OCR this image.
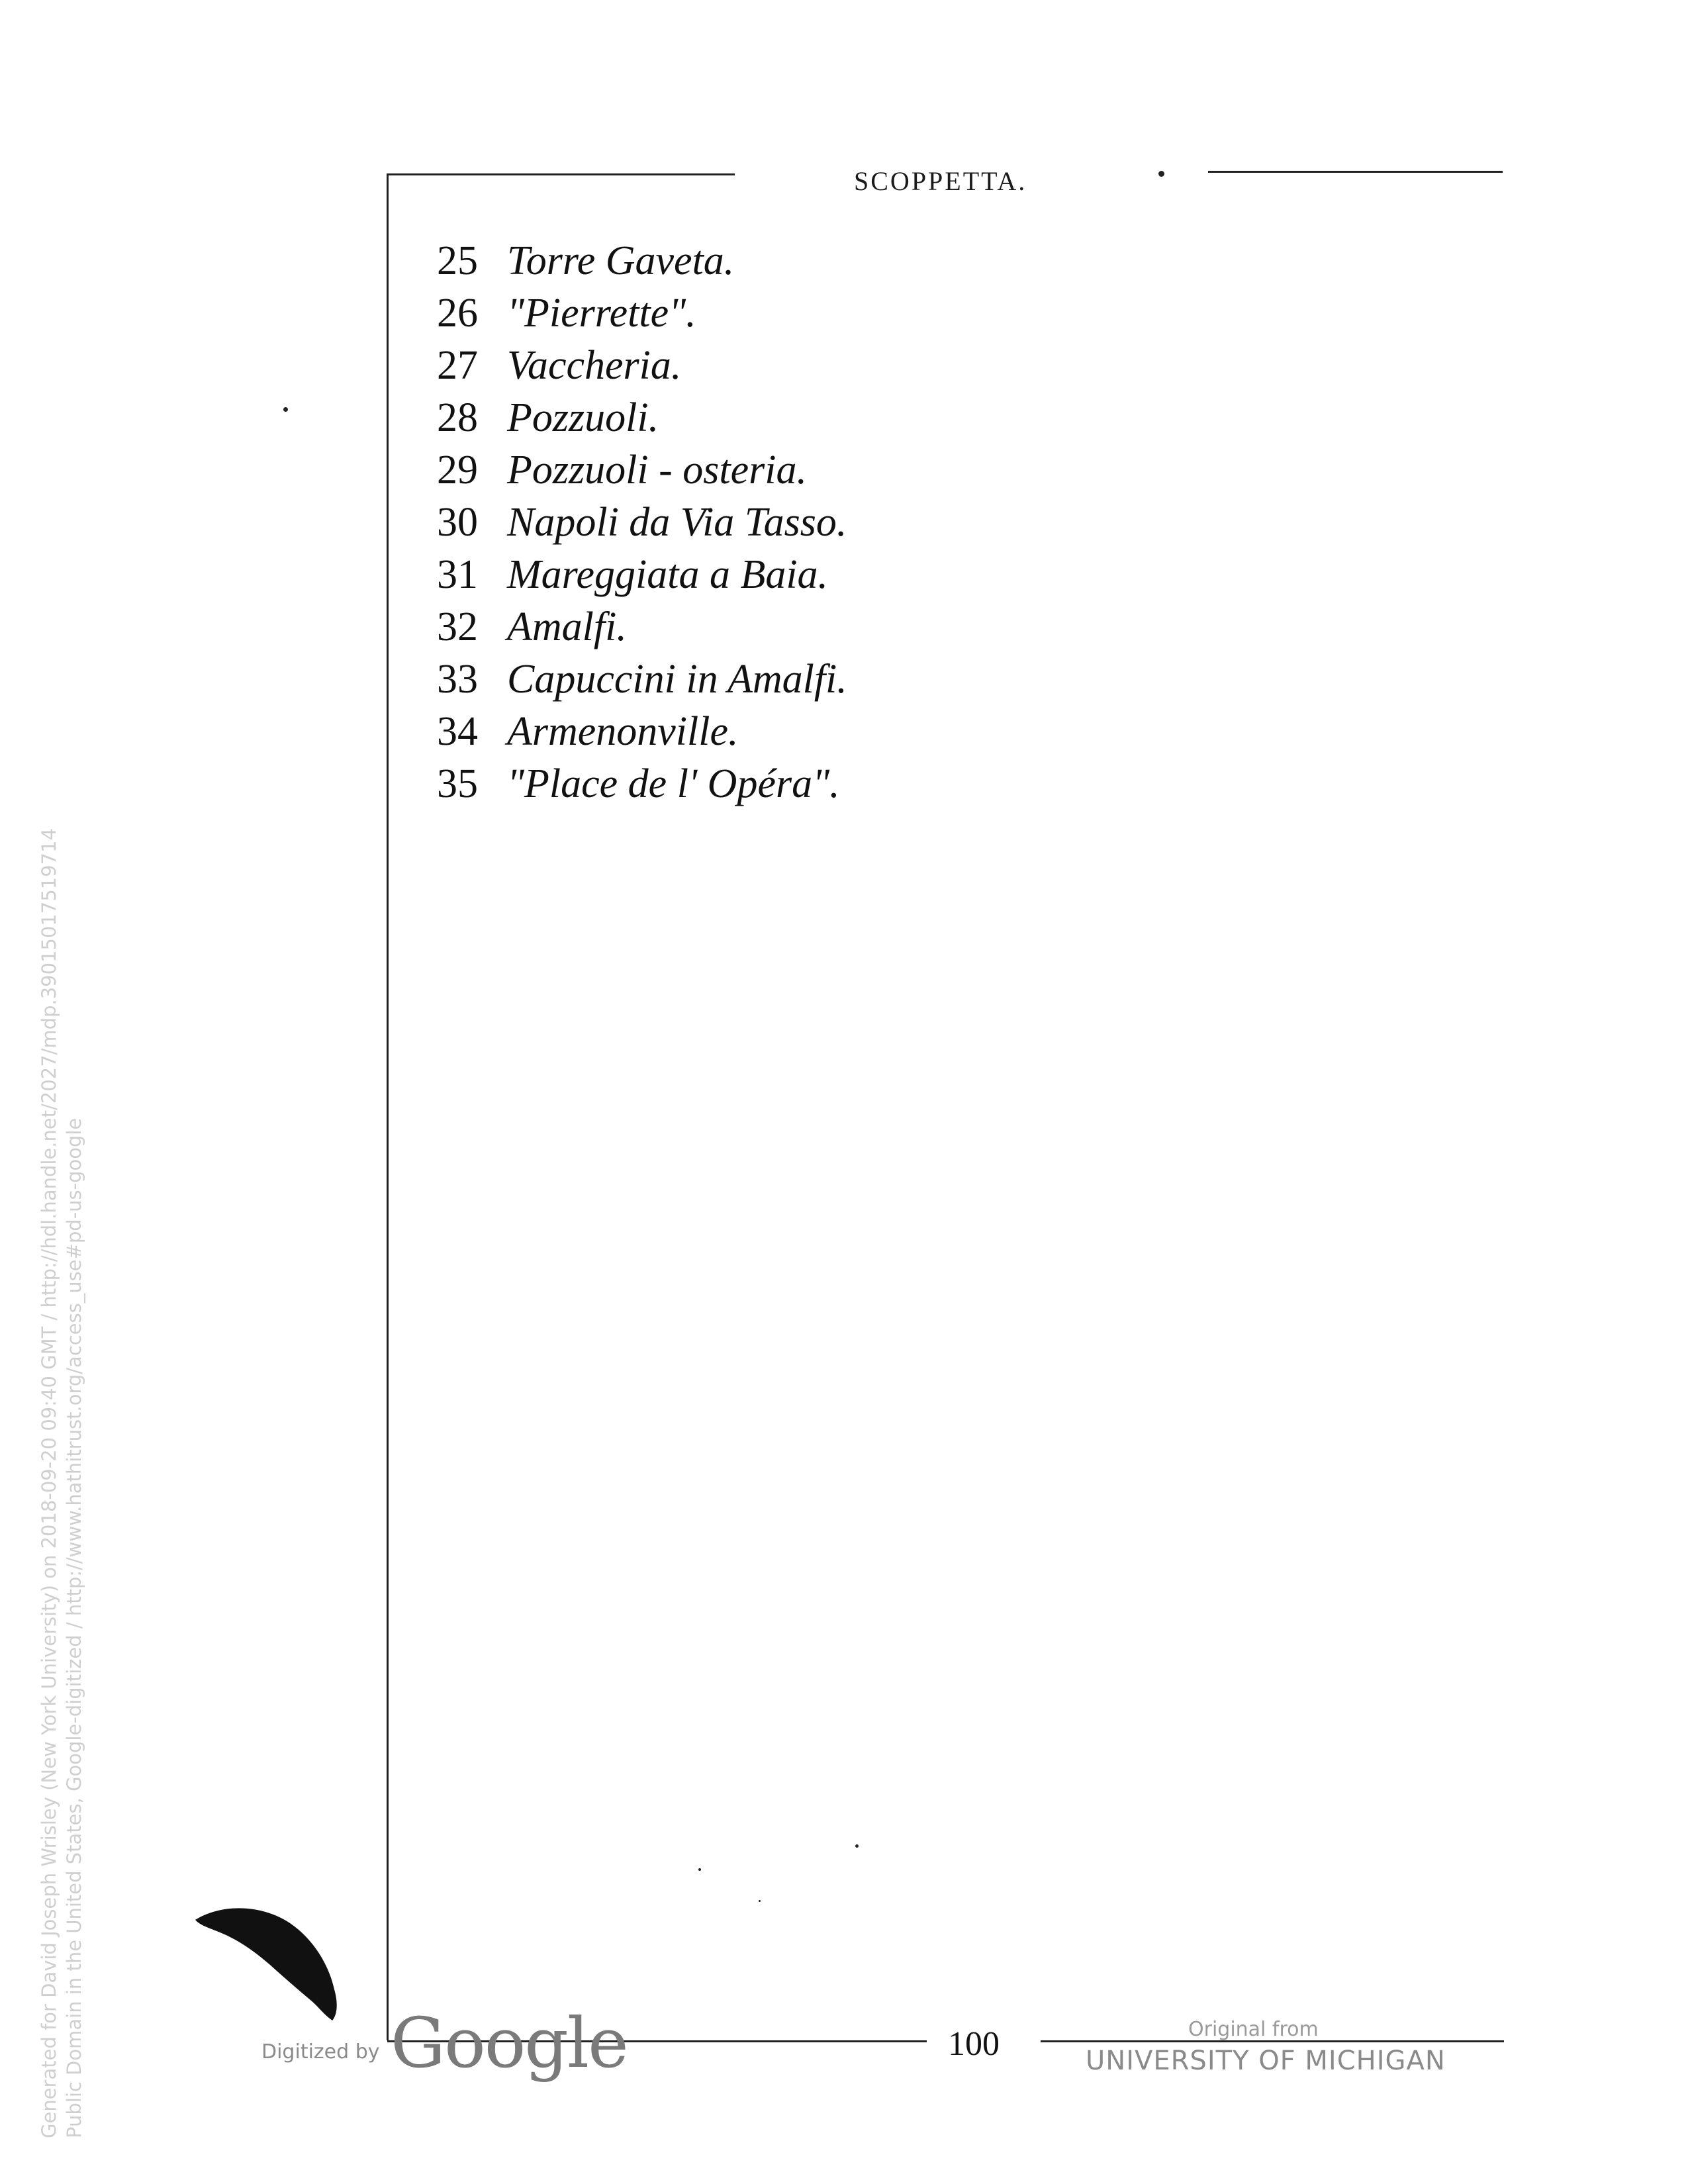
SCOPPETTA.
25 Torre Gaveta.
26 "Pierrette".
27 Vaccheria.
28 Pozzuoli.
29 Pozzuoli - osteria.
30 Napoli da Via Tasso.
31 Mareggiata a Baia.
32 Amalfi.
33 Capuccini in Amalfi.
34 Armenonville.
35 "Place de l' Opéra".
100
Generated for David Joseph Wrisley (New York University) on 2018-09-20 09:40 GMT / http://hdl.handle.net/2027/mdp.39015017519714 Public Domain in the United States, Google-digitized / http://www.hathitrust.org/access_use#pd-us-google	Digitized by Google	Original from
UNIVERSITY OF MICHIGAN
